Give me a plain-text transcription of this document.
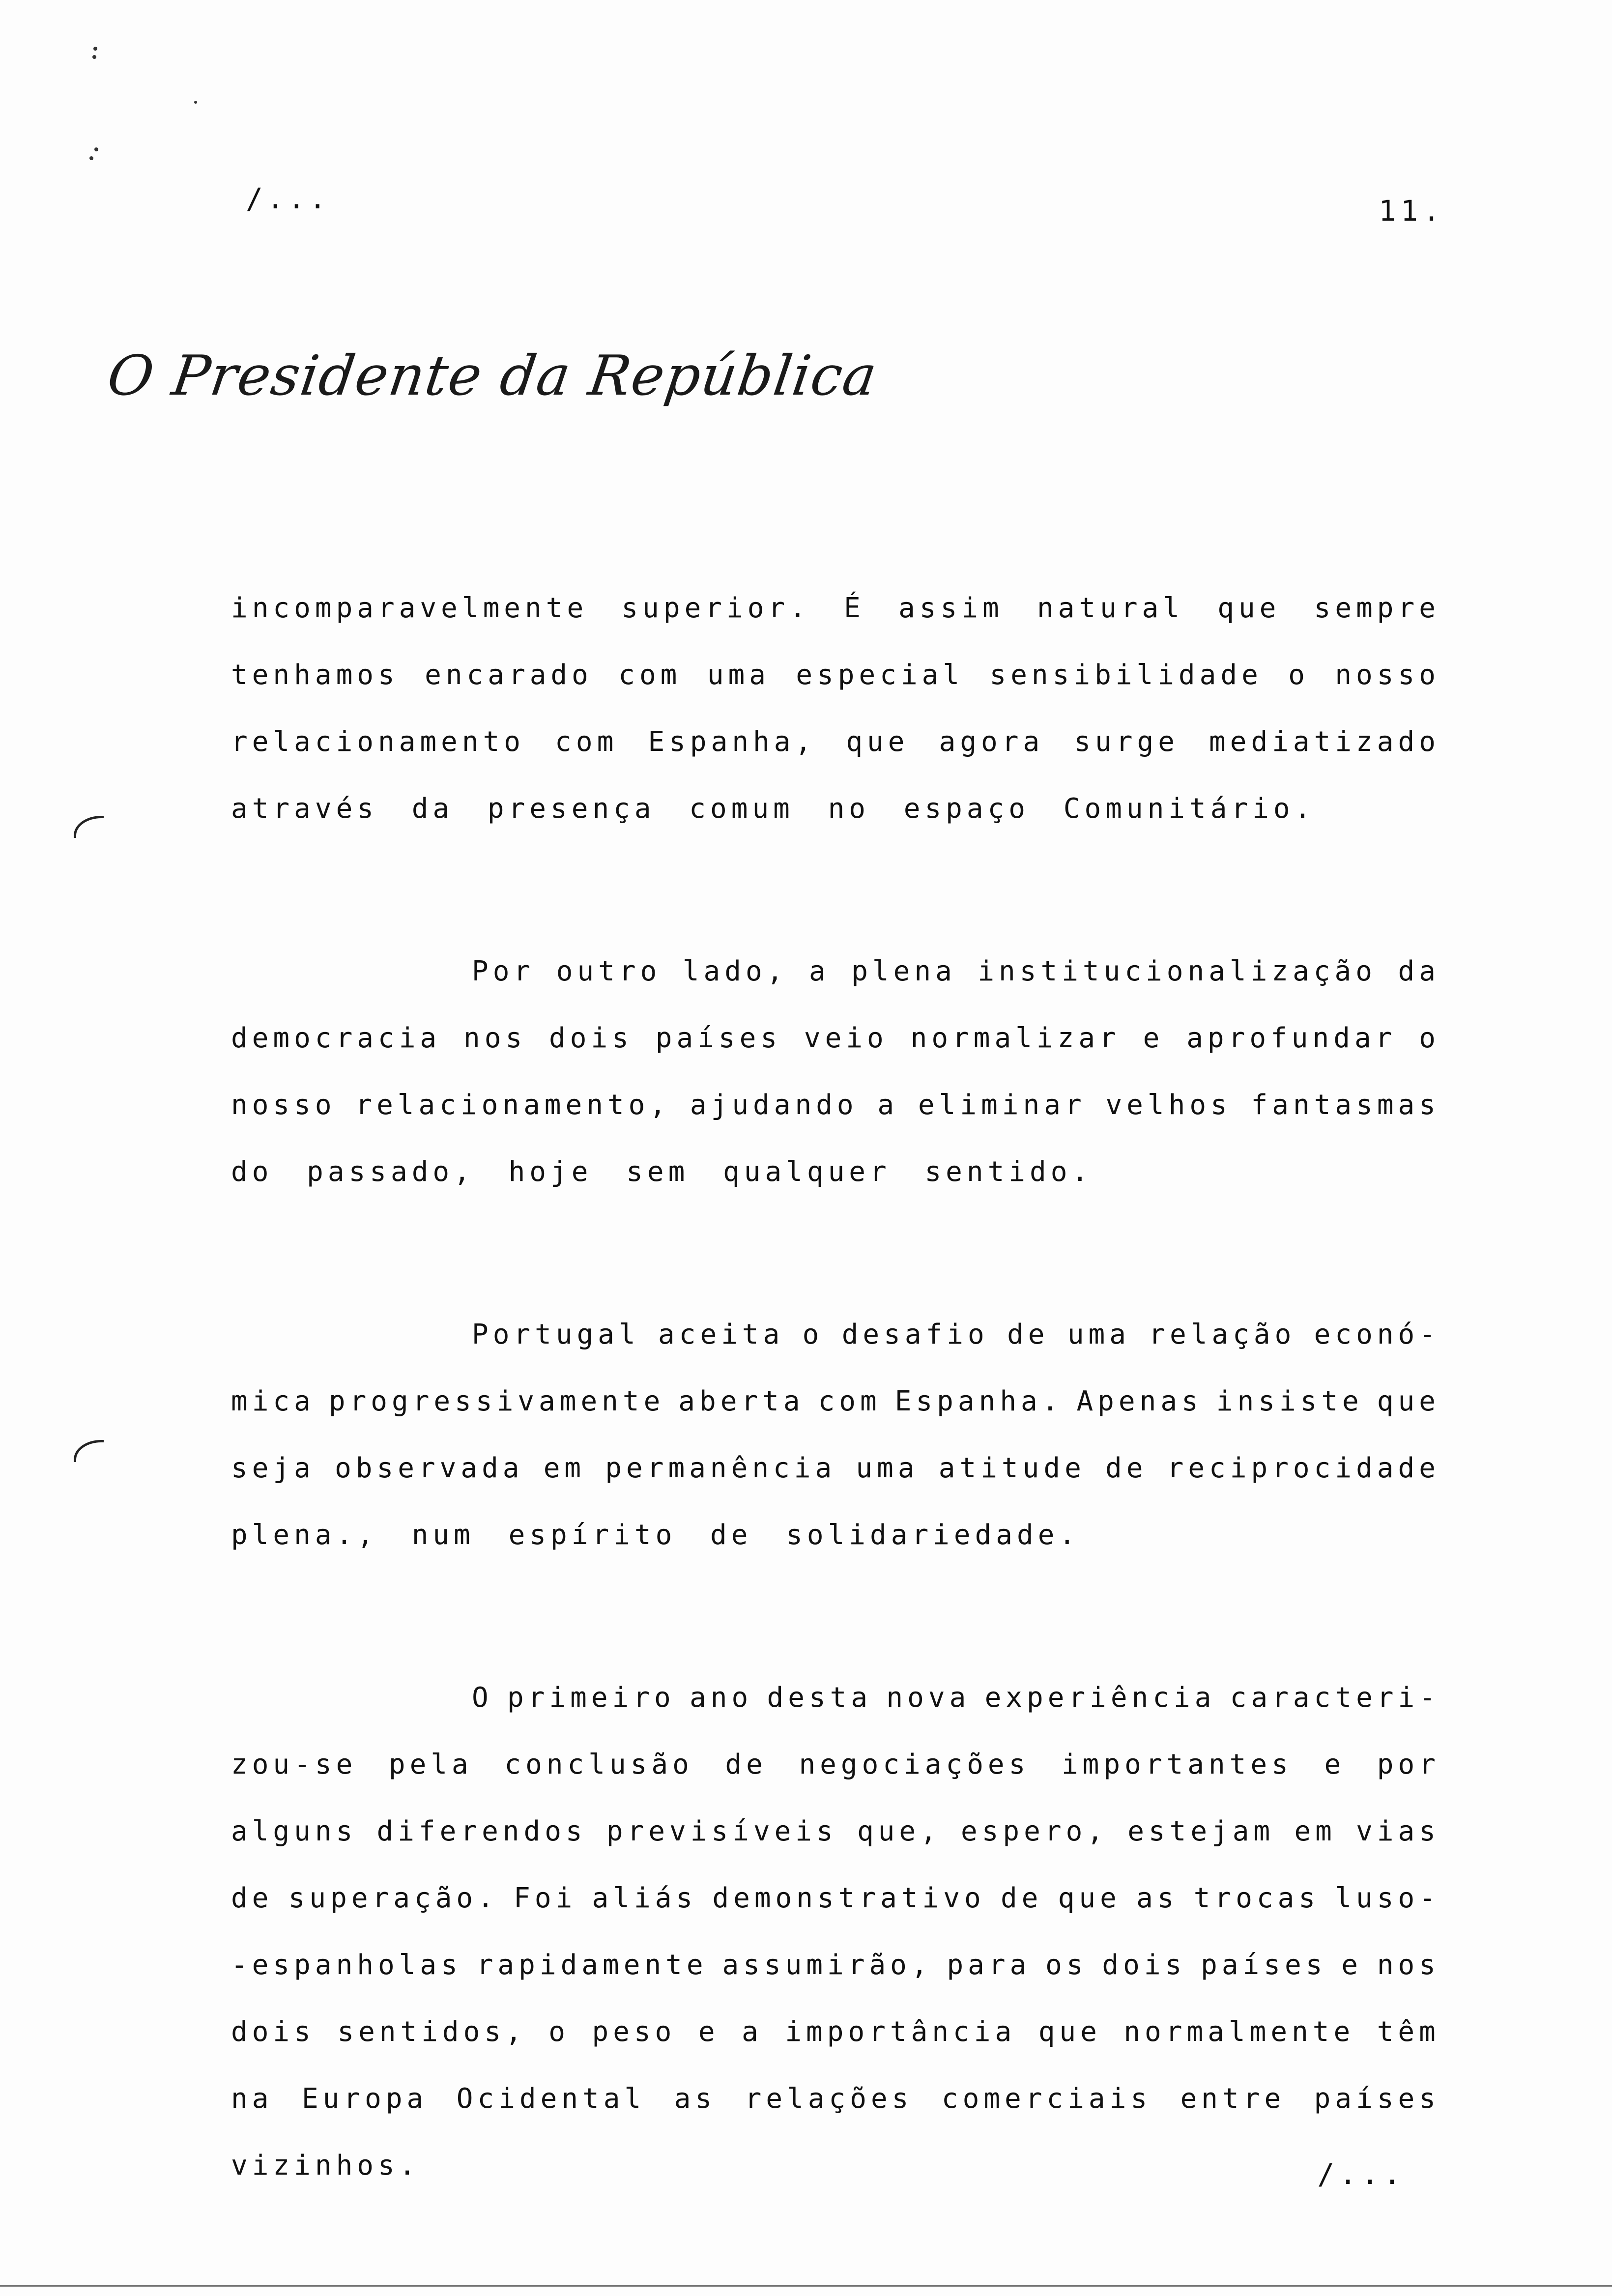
/...	11.
O Presidente da República
incomparavelmente superior. É assim natural que sempre
tenhamos encarado com uma especial sensibilidade o nosso
relacionamento com Espanha, que agora surge mediatizado
através da presença comum no espaço Comunitário.
Por outro lado, a plena institucionalização da
democracia nos dois países veio normalizar e aprofundar o
nosso relacionamento, ajudando a eliminar velhos fantasmas
do passado, hoje sem qualquer sentido.
Portugal aceita o desafio de uma relação econó-
mica progressivamente aberta com Espanha. Apenas insiste que
seja observada em permanência uma atitude de reciprocidade
plena., num espírito de solidariedade.
O primeiro ano desta nova experiência caracteri-
zou-se pela conclusão de negociações importantes e por
alguns diferendos previsíveis que, espero, estejam em vias
de superação. Foi aliás demonstrativo de que as trocas luso-
-espanholas rapidamente assumirão, para os dois países e nos
dois sentidos, o peso e a importância que normalmente têm
na Europa Ocidental as relações comerciais entre países
vizinhos.	/...
